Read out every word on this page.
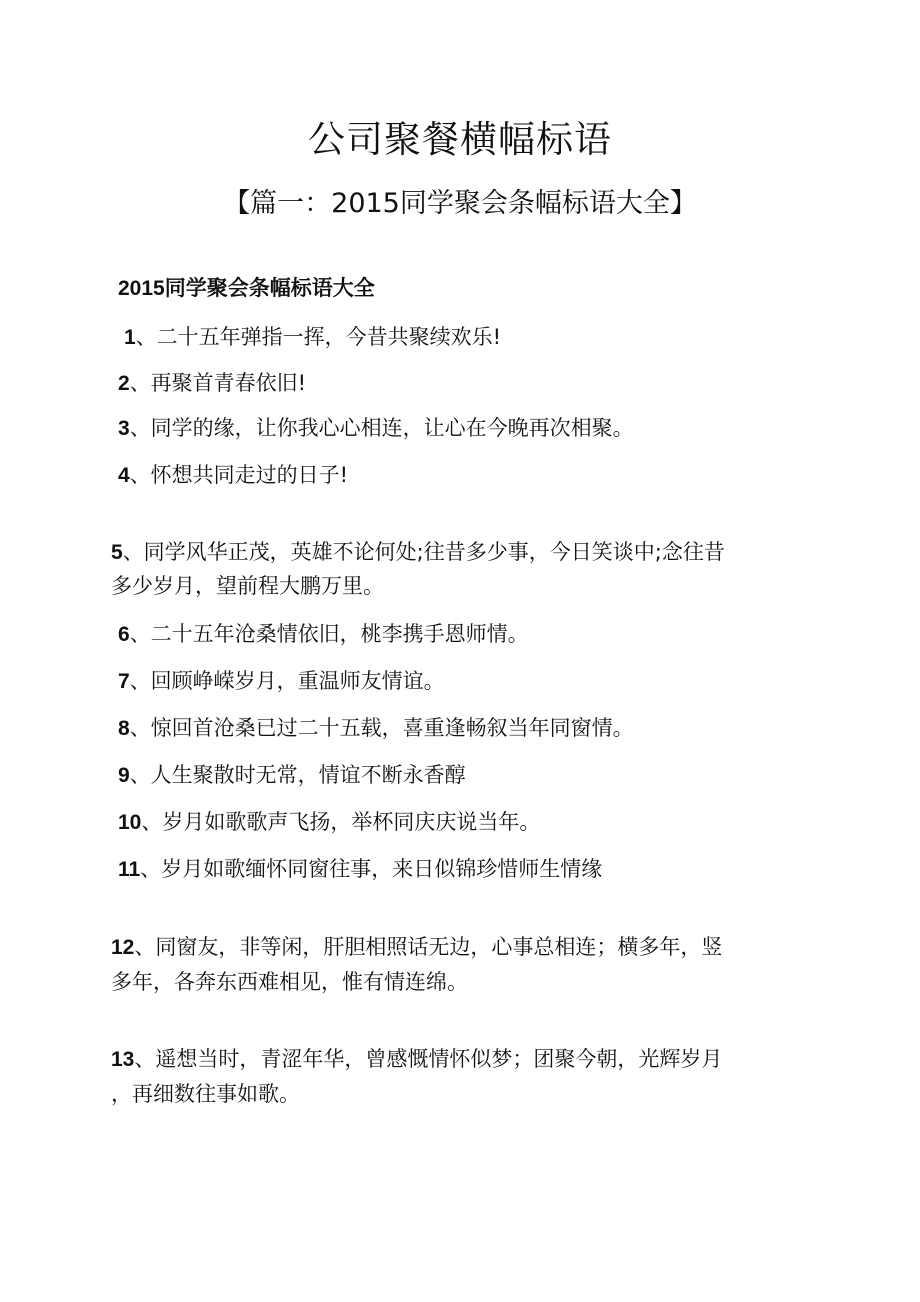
公司聚餐横幅标语
【篇一：2015同学聚会条幅标语大全】
2015同学聚会条幅标语大全
1、二十五年弹指一挥，今昔共聚续欢乐!
2、再聚首青春依旧!
3、同学的缘，让你我心心相连，让心在今晚再次相聚。
4、怀想共同走过的日子!
5、同学风华正茂，英雄不论何处;往昔多少事，今日笑谈中;念往昔
多少岁月，望前程大鹏万里。
6、二十五年沧桑情依旧，桃李携手恩师情。
7、回顾峥嵘岁月，重温师友情谊。
8、惊回首沧桑已过二十五载，喜重逢畅叙当年同窗情。
9、人生聚散时无常，情谊不断永香醇
10、岁月如歌歌声飞扬，举杯同庆庆说当年。
11、岁月如歌缅怀同窗往事，来日似锦珍惜师生情缘
12、同窗友，非等闲，肝胆相照话无边，心事总相连；横多年，竖
多年，各奔东西难相见，惟有情连绵。
13、遥想当时，青涩年华，曾感慨情怀似梦；团聚今朝，光辉岁月
，再细数往事如歌。
